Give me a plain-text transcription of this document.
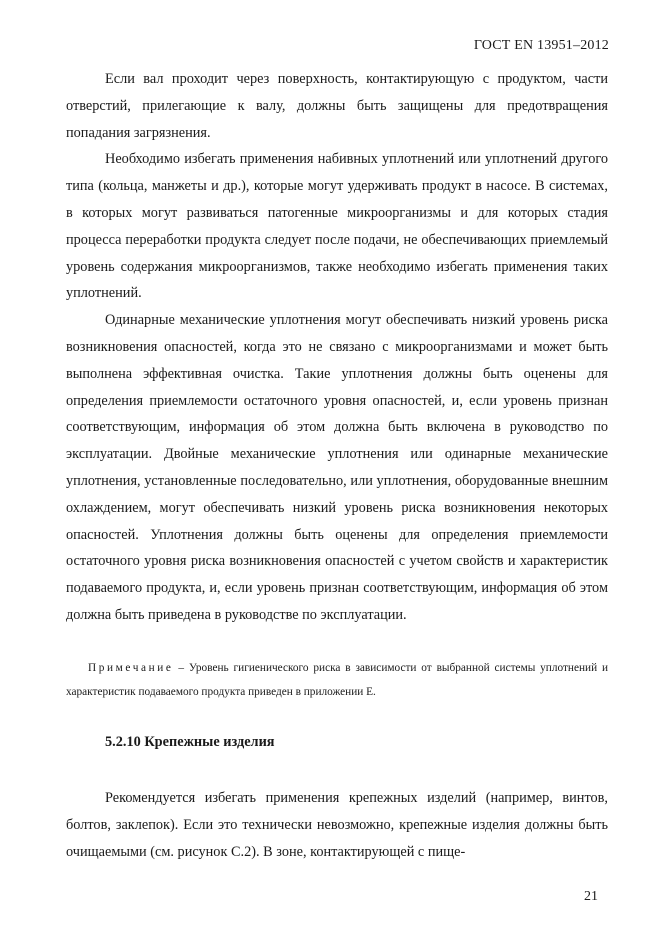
ГОСТ EN 13951–2012

Если вал проходит через поверхность, контактирующую с продуктом, части отверстий, прилегающие к валу, должны быть защищены для предотвращения попадания загрязнения.

Необходимо избегать применения набивных уплотнений или уплотнений другого типа (кольца, манжеты и др.), которые могут удерживать продукт в насосе. В системах, в которых могут развиваться патогенные микроорганизмы и для которых стадия процесса переработки продукта следует после подачи, не обеспечивающих приемлемый уровень содержания микроорганизмов, также необходимо избегать применения таких уплотнений.

Одинарные механические уплотнения могут обеспечивать низкий уровень риска возникновения опасностей, когда это не связано с микроорганизмами и может быть выполнена эффективная очистка. Такие уплотнения должны быть оценены для определения приемлемости остаточного уровня опасностей, и, если уровень признан соответствующим, информация об этом должна быть включена в руководство по эксплуатации. Двойные механические уплотнения или одинарные механические уплотнения, установленные последовательно, или уплотнения, оборудованные внешним охлаждением, могут обеспечивать низкий уровень риска возникновения некоторых опасностей. Уплотнения должны быть оценены для определения приемлемости остаточного уровня риска возникновения опасностей с учетом свойств и характеристик подаваемого продукта, и, если уровень признан соответствующим, информация об этом должна быть приведена в руководстве по эксплуатации.

Примечание – Уровень гигиенического риска в зависимости от выбранной системы уплотнений и характеристик подаваемого продукта приведен в приложении Е.
5.2.10 Крепежные изделия

Рекомендуется избегать применения крепежных изделий (например, винтов, болтов, заклепок). Если это технически невозможно, крепежные изделия должны быть очищаемыми (см. рисунок С.2). В зоне, контактирующей с пище-

21
